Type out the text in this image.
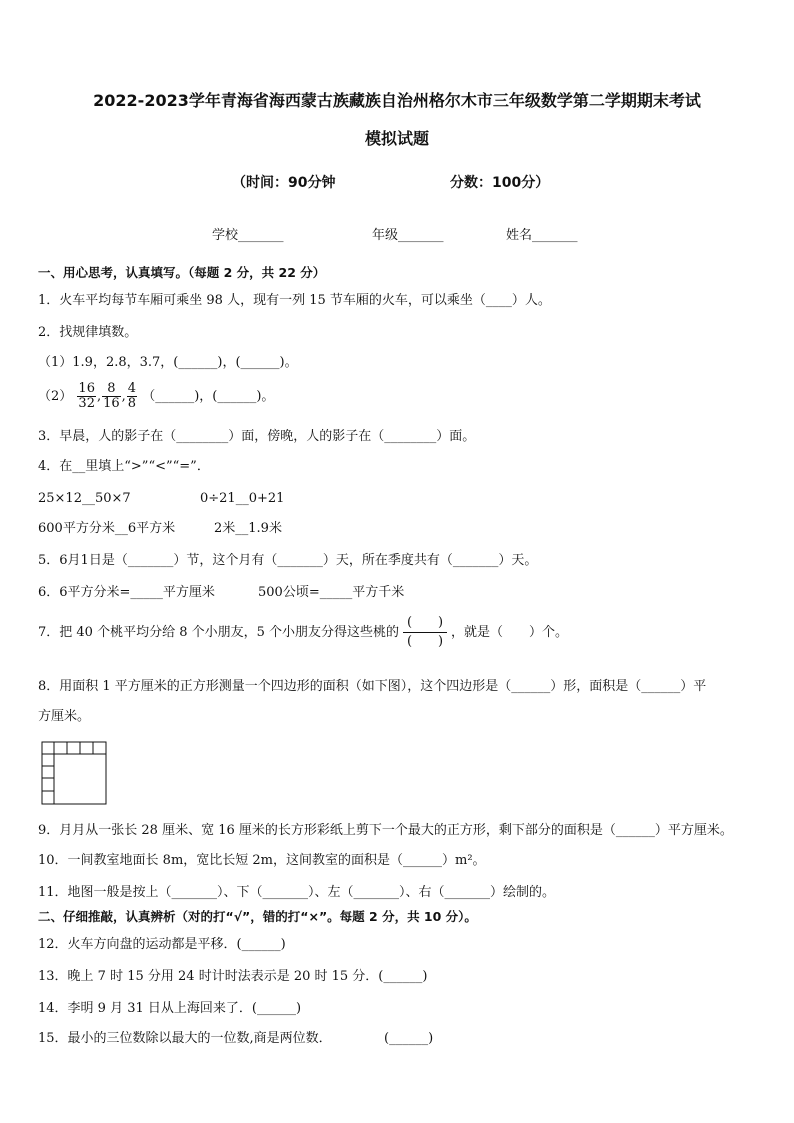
2022-2023学年青海省海西蒙古族藏族自治州格尔木市三年级数学第二学期期末考试
模拟试题
（时间：90分钟	分数：100分）
学校_______	年级_______	姓名_______
一、用心思考，认真填写。（每题 2 分，共 22 分）
1．火车平均每节车厢可乘坐 98 人，现有一列 15 节车厢的火车，可以乘坐（____）人。
2．找规律填数。
（1）1.9，2.8，3.7，(______)，(______)。
$(2) \frac{16}{32}$ , $\frac{8}{16}$ , $\frac{4}{8}$ （______)，(______)。
3．早晨，人的影子在（________）面，傍晚，人的影子在（________）面。
4．在__里填上“>”“<”“=”．
25×12__50×7	0÷21__0+21
600平方分米__6平方米	2米__1.9米
5．6月1日是（_______）节，这个月有（_______）天，所在季度共有（_______）天。
6．6平方分米=_____平方厘米	500公顷=_____平方千米
7．把 40 个桃平均分给 8 个小朋友，5 个小朋友分得这些桃的 $\frac{( )}{( )}$ ，就是（　　）个。
8．用面积 1 平方厘米的正方形测量一个四边形的面积（如下图），这个四边形是（______）形，面积是（______）平
方厘米。
9．月月从一张长 28 厘米、宽 16 厘米的长方形彩纸上剪下一个最大的正方形，剩下部分的面积是（______）平方厘米。
10．一间教室地面长 8m，宽比长短 2m，这间教室的面积是（______）m²。
11．地图一般是按上（_______）、下（_______）、左（_______）、右（_______）绘制的。
二、仔细推敲，认真辨析（对的打“√”，错的打“×”。每题 2 分，共 10 分）。
12．火车方向盘的运动都是平移．(______)
13．晚上 7 时 15 分用 24 时计时法表示是 20 时 15 分．(______)
14．李明 9 月 31 日从上海回来了．(______)
15．最小的三位数除以最大的一位数,商是两位数．	(______)
